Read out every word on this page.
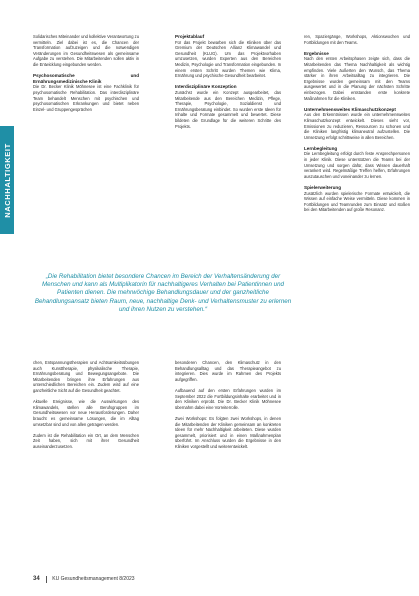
NACHHALTIGKEIT

Solidarisches Miteinander und kollektive Verantwortung zu vermitteln. Ziel dabei ist es, die Chancen der Transformation aufzuzeigen und die notwendigen Veränderungen im Gesundheitswesen als gemeinsame Aufgabe zu verstehen. Die Mitarbeitenden sollen aktiv in die Entwicklung eingebunden werden.

Psychosomatische und Ernährungsmedizinische Klinik

Die Dr. Becker Klinik Möhnesee ist eine Fachklinik für psychosomatische Rehabilitation. Das interdisziplinäre Team behandelt Menschen mit psychischen und psychosomatischen Erkrankungen und bietet neben Einzel- und Gruppengesprächen

Projektablauf

Für das Projekt bewarben sich die Kliniken über das Gremium der Deutschen Allianz Klimawandel und Gesundheit (KLUG). Um das Projektvorhaben umzusetzen, wurden Experten aus den Bereichen Medizin, Psychologie und Transformation eingebunden. In einem ersten Schritt wurden Themen wie Klima, Ernährung und psychische Gesundheit bearbeitet.

Interdisziplinäre Konzeption

Zunächst wurde ein Konzept ausgearbeitet, das Mitarbeitende aus den Bereichen Medizin, Pflege, Therapie, Psychologie, Sozialdienst und Ernährungsberatung einbindet. So wurden erste Ideen für Inhalte und Formate gesammelt und bewertet. Diese bildeten die Grundlage für die weiteren Schritte des Projekts.

ren, Spaziergänge, Workshops, Aktionswochen und Fortbildungen mit den Teams.

Ergebnisse

Nach den ersten Arbeitsphasen zeigte sich, dass die Mitarbeitenden das Thema Nachhaltigkeit als wichtig empfinden. Viele äußerten den Wunsch, das Thema stärker in ihren Arbeitsalltag zu integrieren. Die Ergebnisse wurden gemeinsam mit den Teams ausgewertet und in die Planung der nächsten Schritte einbezogen. Dabei entstanden erste konkrete Maßnahmen für die Kliniken.

Unternehmensweites Klimaschutzkonzept

Aus den Erkenntnissen wurde ein unternehmensweites Klimaschutzkonzept entwickelt. Dieses sieht vor, Emissionen zu reduzieren, Ressourcen zu schonen und die Kliniken langfristig klimaneutral aufzustellen. Die Umsetzung erfolgt schrittweise in allen Bereichen.

Lernbegleitung

Die Lernbegleitung erfolgt durch feste Ansprechpersonen in jeder Klinik. Diese unterstützen die Teams bei der Umsetzung und sorgen dafür, dass Wissen dauerhaft verankert wird. Regelmäßige Treffen helfen, Erfahrungen auszutauschen und voneinander zu lernen.

Spielerweiterung

Zusätzlich wurden spielerische Formate entwickelt, die Wissen auf einfache Weise vermitteln. Diese kommen in Fortbildungen und Teamrunden zum Einsatz und stoßen bei den Mitarbeitenden auf große Resonanz.

„Die Rehabilitation bietet besondere Chancen im Bereich der Verhaltensänderung der Menschen und kann als Multiplikatorin für nachhaltigeres Verhalten bei Patientinnen und Patienten dienen. Die mehrwöchige Behandlungsdauer und der ganzheitliche Behandlungsansatz bieten Raum, neue, nachhaltige Denk- und Verhaltensmuster zu erlernen und ihren Nutzen zu verstehen.“

chen, Entspannungstherapien und Achtsamkeitsübungen auch Kunsttherapie, physikalische Therapie, Ernährungsberatung und Bewegungsangebote. Die Mitarbeitenden bringen ihre Erfahrungen aus unterschiedlichen Bereichen ein. Zudem wird auf eine ganzheitliche Sicht auf die Gesundheit geachtet.

Aktuelle Ereignisse, wie die Auswirkungen des Klimawandels, stellen alle Berufsgruppen im Gesundheitswesen vor neue Herausforderungen. Daher braucht es gemeinsame Lösungen, die im Alltag umsetzbar sind und von allen getragen werden.

Zudem ist die Rehabilitation ein Ort, an dem Menschen Zeit haben, sich mit ihrer Gesundheit auseinanderzusetzen.

besonderen Chancen, den Klimaschutz in den Behandlungsalltag und das Therapieangebot zu integrieren. Dies wurde im Rahmen des Projekts aufgegriffen.

Aufbauend auf den ersten Erfahrungen wurden im September 2022 die Fortbildungsinhalte erarbeitet und in den Kliniken erprobt. Die Dr. Becker Klinik Möhnesee übernahm dabei eine Vorreiterrolle.

Zwei Workshops: Es folgten zwei Workshops, in denen die Mitarbeitenden der Kliniken gemeinsam an konkreten Ideen für mehr Nachhaltigkeit arbeiteten. Diese wurden gesammelt, priorisiert und in einen Maßnahmenplan überführt. Im Anschluss wurden die Ergebnisse in den Kliniken vorgestellt und weiterentwickelt.

34	KU Gesundheitsmanagement 8/2023
